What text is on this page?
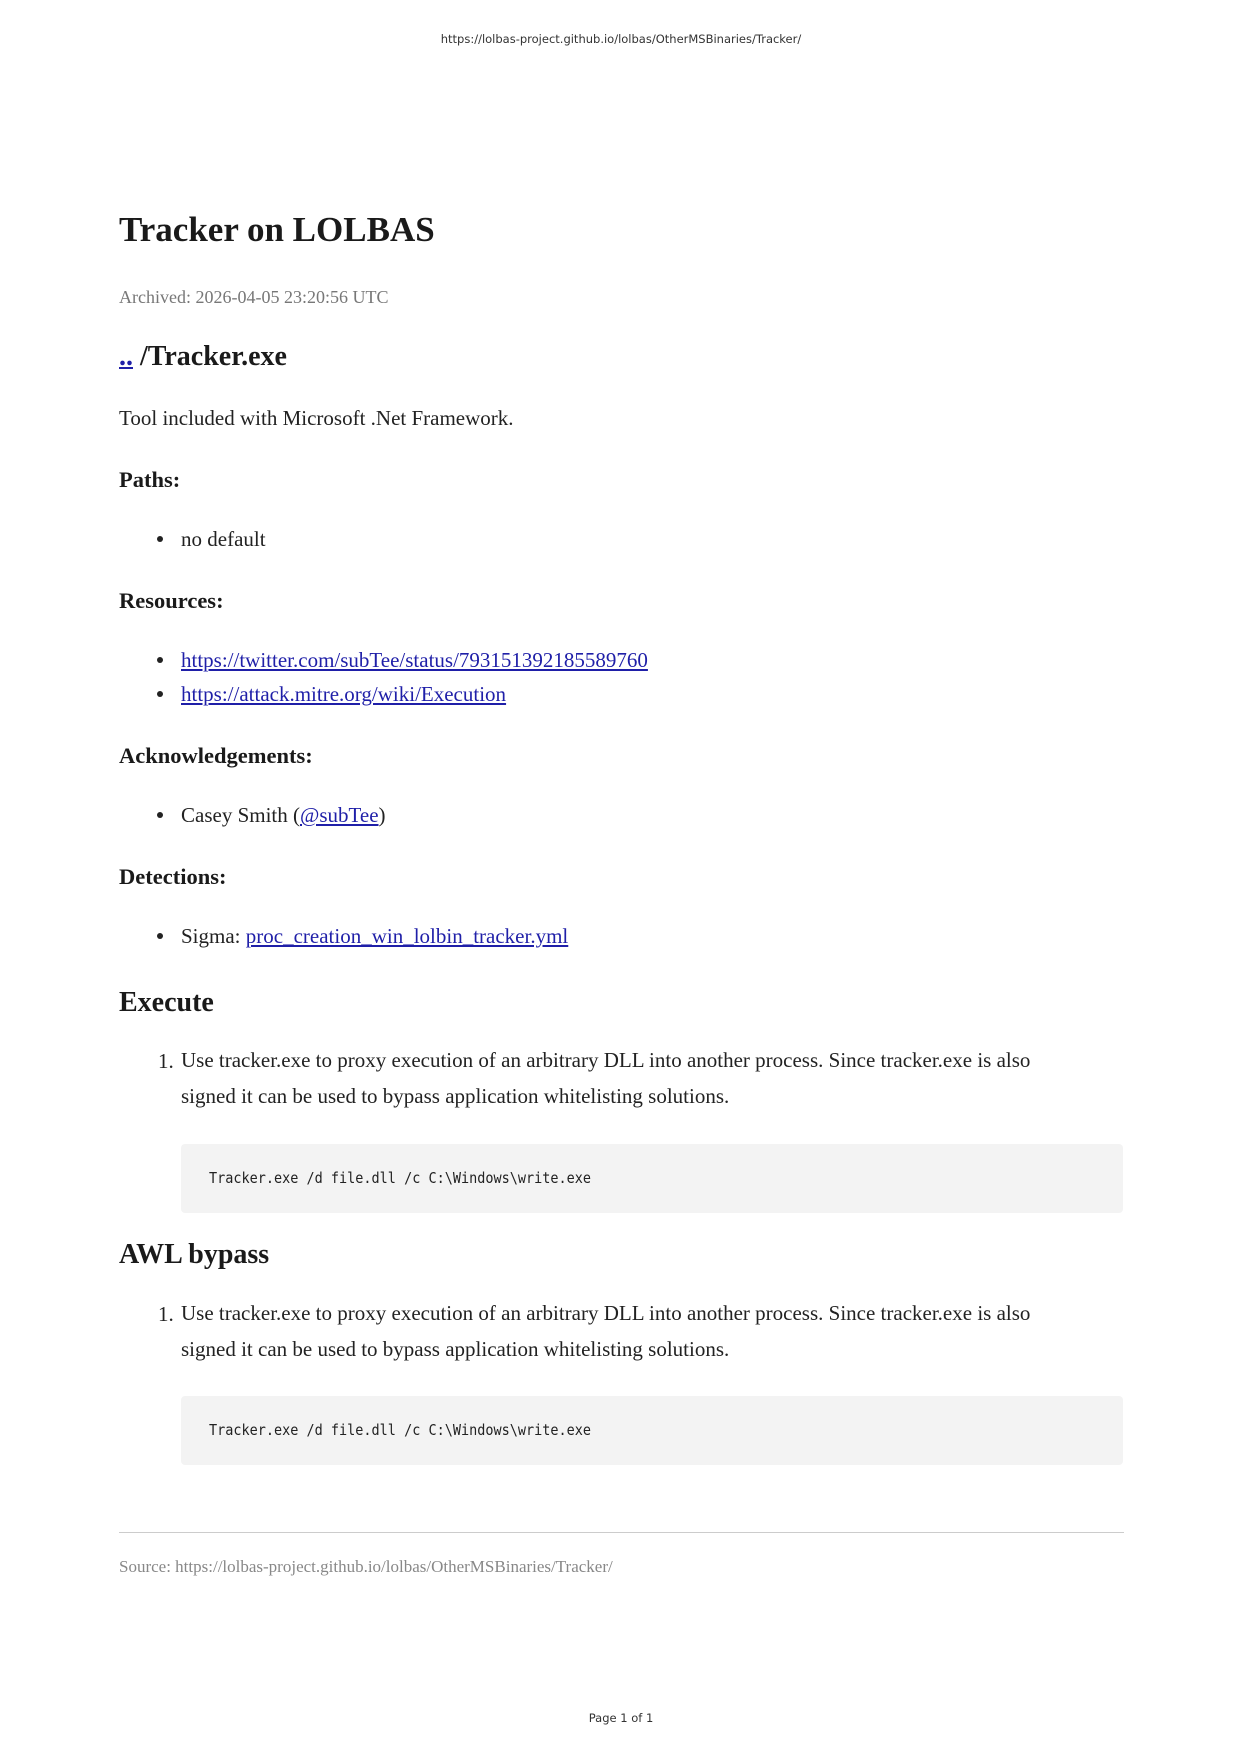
https://lolbas-project.github.io/lolbas/OtherMSBinaries/Tracker/
Tracker on LOLBAS
Archived: 2026-04-05 23:20:56 UTC
.. /Tracker.exe
Tool included with Microsoft .Net Framework.
Paths:
no default
Resources:
https://twitter.com/subTee/status/793151392185589760
https://attack.mitre.org/wiki/Execution
Acknowledgements:
Casey Smith (@subTee)
Detections:
Sigma: proc_creation_win_lolbin_tracker.yml
Execute
1. Use tracker.exe to proxy execution of an arbitrary DLL into another process. Since tracker.exe is also
signed it can be used to bypass application whitelisting solutions.
Tracker.exe /d file.dll /c C:\Windows\write.exe
AWL bypass
1. Use tracker.exe to proxy execution of an arbitrary DLL into another process. Since tracker.exe is also
signed it can be used to bypass application whitelisting solutions.
Tracker.exe /d file.dll /c C:\Windows\write.exe
Source: https://lolbas-project.github.io/lolbas/OtherMSBinaries/Tracker/
Page 1 of 1
